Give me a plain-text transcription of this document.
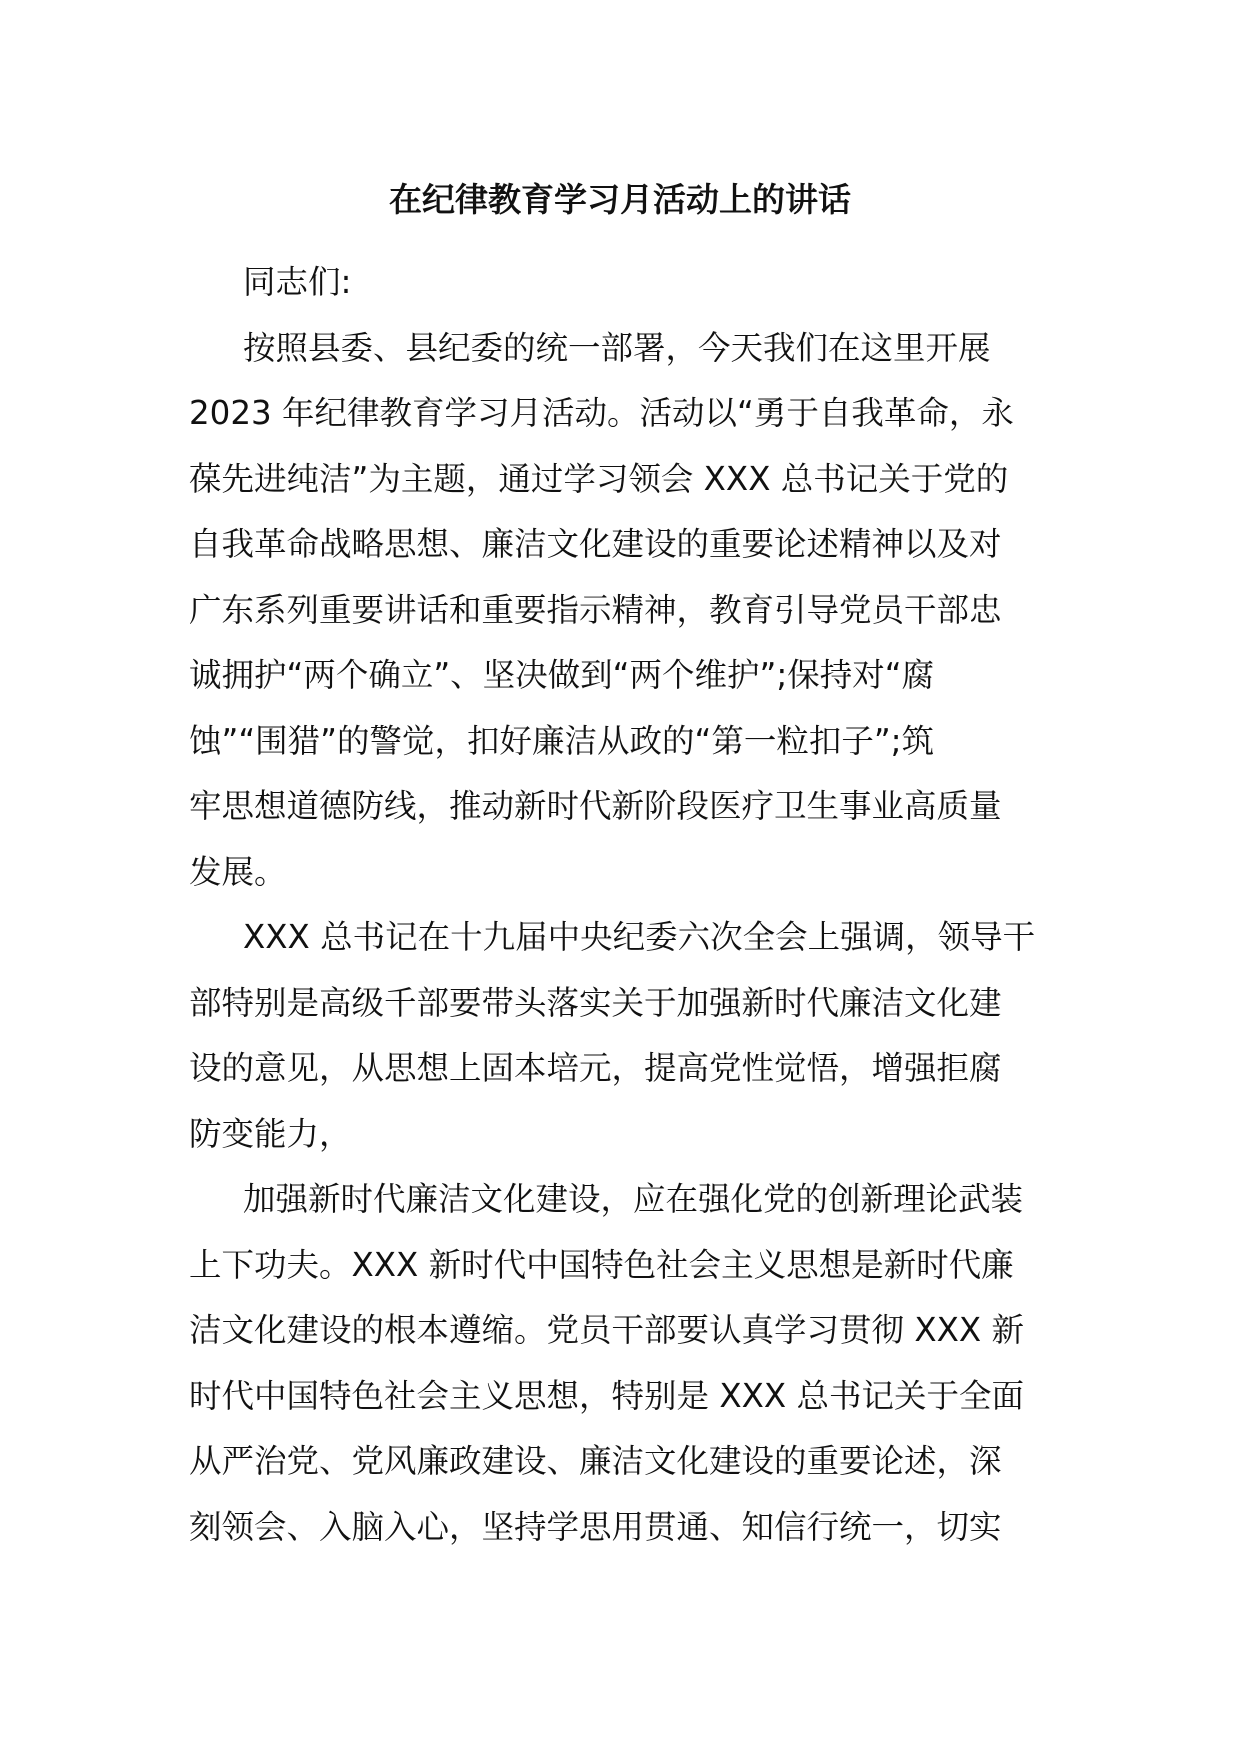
在纪律教育学习月活动上的讲话
同志们:
按照县委、县纪委的统一部署，今天我们在这里开展
2023 年纪律教育学习月活动。活动以“勇于自我革命，永
葆先进纯洁”为主题，通过学习领会 XXX 总书记关于党的
自我革命战略思想、廉洁文化建设的重要论述精神以及对
广东系列重要讲话和重要指示精神，教育引导党员干部忠
诚拥护“两个确立”、坚决做到“两个维护”;保持对“腐
蚀”“围猎”的警觉，扣好廉洁从政的“第一粒扣子”;筑
牢思想道德防线，推动新时代新阶段医疗卫生事业高质量
发展。
XXX 总书记在十九届中央纪委六次全会上强调，领导干
部特别是高级千部要带头落实关于加强新时代廉洁文化建
设的意见，从思想上固本培元，提高党性觉悟，增强拒腐
防变能力，
加强新时代廉洁文化建设，应在强化党的创新理论武装
上下功夫。XXX 新时代中国特色社会主义思想是新时代廉
洁文化建设的根本遵缩。党员干部要认真学习贯彻 XXX 新
时代中国特色社会主义思想，特别是 XXX 总书记关于全面
从严治党、党风廉政建设、廉洁文化建设的重要论述，深
刻领会、入脑入心，坚持学思用贯通、知信行统一，切实
